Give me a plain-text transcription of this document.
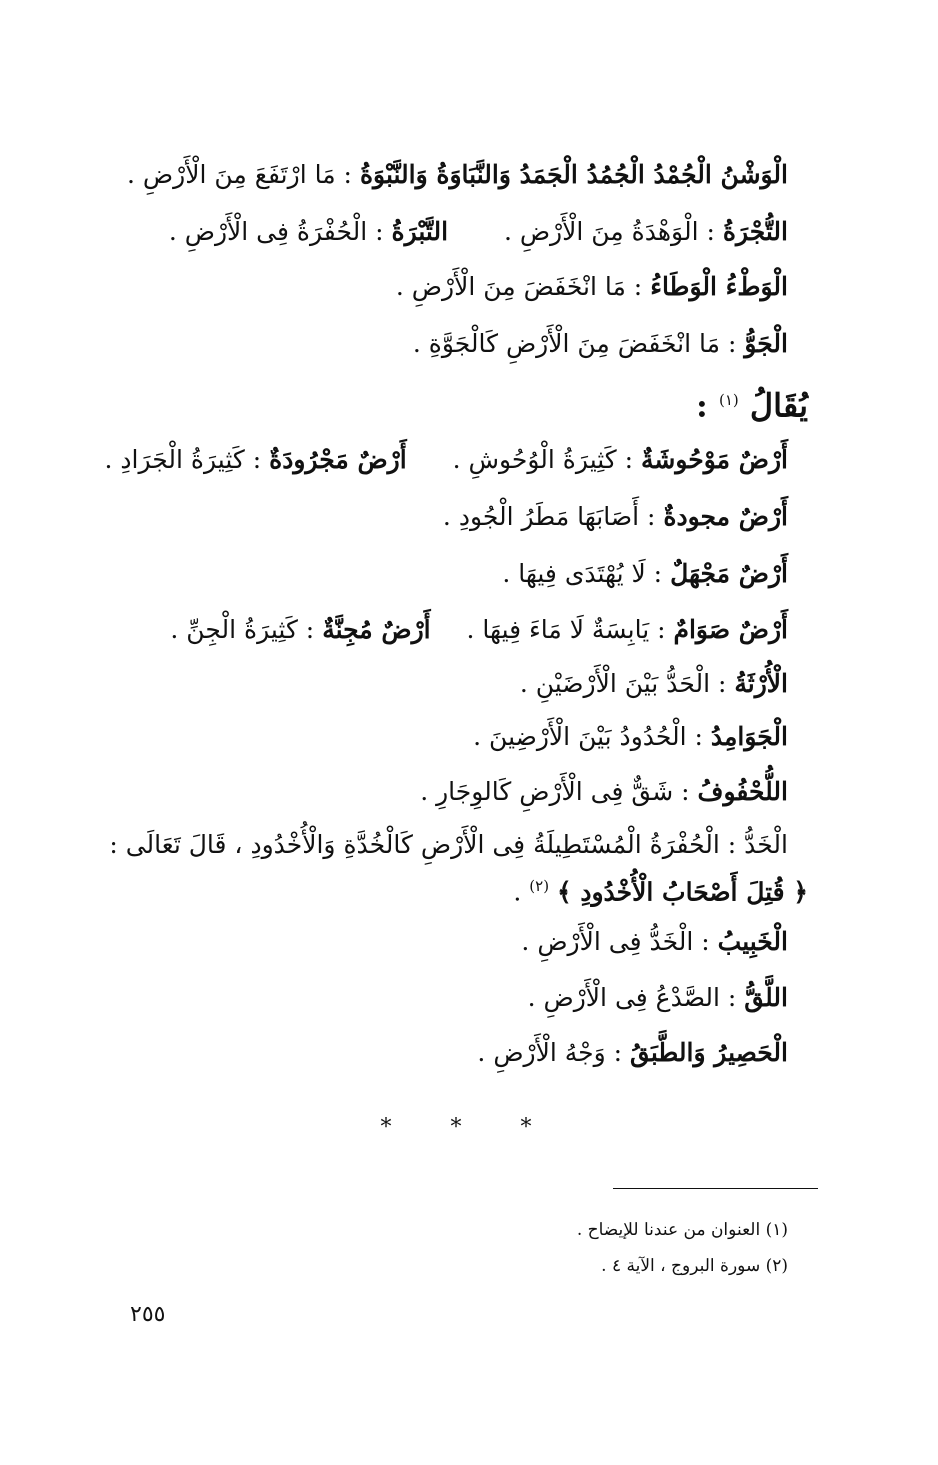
الْوَشْنُ الْجُمْدُ الْجُمُدُ الْجَمَدُ وَالنَّبَاوَةُ وَالنَّبْوَةُ : مَا ارْتَفَعَ مِنَ الْأَرْضِ .
التُّجْرَةُ : الْوَهْدَةُ مِنَ الْأَرْضِ .  التَّبْرَةُ : الْحُفْرَةُ فِى الْأَرْضِ .
الْوَطْءُ الْوَطَاءُ : مَا انْخَفَضَ مِنَ الْأَرْضِ .
الْجَوُّ : مَا انْخَفَضَ مِنَ الْأَرْضِ كَالْجَوَّةِ .
يُقَالُ $^{(١)}$ :
أَرْضٌ مَوْحُوشَةٌ : كَثِيرَةُ الْوُحُوشِ .  أَرْضٌ مَجْرُودَةٌ : كَثِيرَةُ الْجَرَادِ .
أَرْضٌ مجودةٌ : أَصَابَهَا مَطَرُ الْجُودِ .
أَرْضٌ مَجْهَلٌ : لَا يُهْتَدَى فِيهَا .
أَرْضٌ صَوَامٌ : يَابِسَةٌ لَا مَاءَ فِيهَا .  أَرْضٌ مُجِنَّةٌ : كَثِيرَةُ الْجِنِّ .
الْأُرْثَةُ : الْحَدُّ بَيْنَ الْأَرْضَيْنِ .
الْجَوَامِدُ : الْحُدُودُ بَيْنَ الْأَرْضِينَ .
اللُّحْفُوفُ : شَقٌّ فِى الْأَرْضِ كَالوِجَارِ .
الْخَدُّ : الْحُفْرَةُ الْمُسْتَطِيلَةُ فِى الْأَرْضِ كَالْخُدَّةِ وَالْأُخْدُودِ ، قَالَ تَعَالَى :
﴿ قُتِلَ أَصْحَابُ الْأُخْدُودِ ﴾ $^{(٢)}$ .
الْخَبِيبُ : الْخَدُّ فِى الْأَرْضِ .
اللَّقُّ : الصَّدْعُ فِى الْأَرْضِ .
الْحَصِيرُ وَالطَّبَقُ : وَجْهُ الْأَرْضِ .
* * *
(١) العنوان من عندنا للإيضاح .
(٢) سورة البروج ، الآية ٤ .
٢٥٥
